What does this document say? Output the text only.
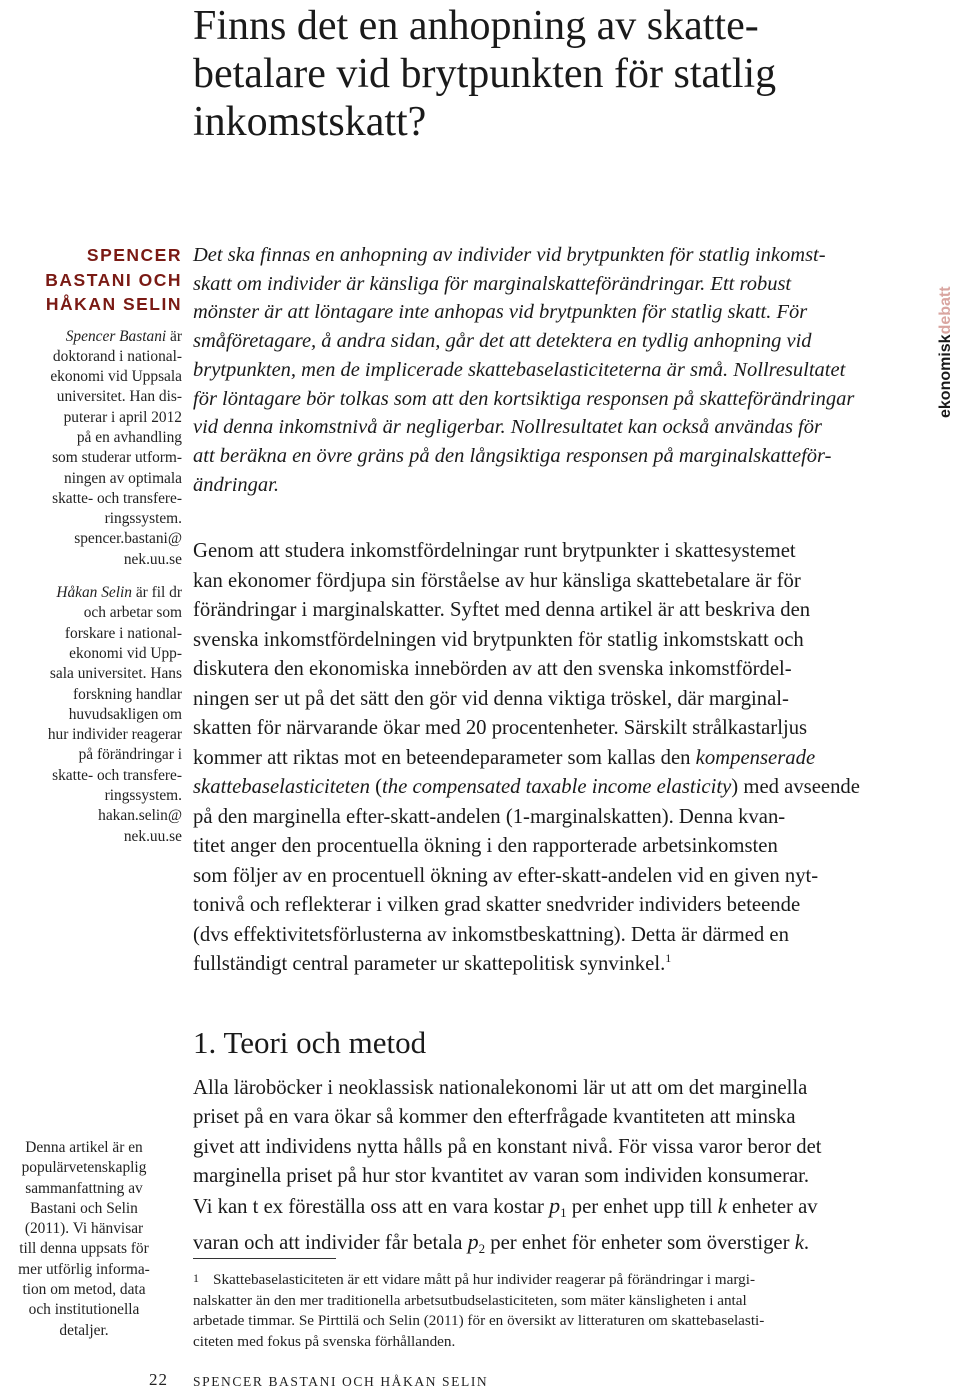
Finns det en anhopning av skatte-
betalare vid brytpunkten för statlig
inkomstskatt?
SPENCER
BASTANI OCH
HÅKAN SELIN
Spencer Bastani är
doktorand i national-
ekonomi vid Uppsala
universitet. Han dis-
puterar i april 2012
på en avhandling
som studerar utform-
ningen av optimala
skatte- och transfere-
ringssystem.
spencer.bastani@
nek.uu.se
Håkan Selin är fil dr
och arbetar som
forskare i national-
ekonomi vid Upp-
sala universitet. Hans
forskning handlar
huvudsakligen om
hur individer reagerar
på förändringar i
skatte- och transfere-
ringssystem.
hakan.selin@
nek.uu.se

Denna artikel är en
populärvetenskaplig
sammanfattning av
Bastani och Selin
(2011). Vi hänvisar
till denna uppsats för
mer utförlig informa-
tion om metod, data
och institutionella
detaljer.

Det ska finnas en anhopning av individer vid brytpunkten för statlig inkomst-
skatt om individer är känsliga för marginalskatteförändringar. Ett robust
mönster är att löntagare inte anhopas vid brytpunkten för statlig skatt. För
småföretagare, å andra sidan, går det att detektera en tydlig anhopning vid
brytpunkten, men de implicerade skattebaselasticiteterna är små. Nollresultatet
för löntagare bör tolkas som att den kortsiktiga responsen på skatteförändringar
vid denna inkomstnivå är negligerbar. Nollresultatet kan också användas för
att beräkna en övre gräns på den långsiktiga responsen på marginalskatteför-
ändringar.

Genom att studera inkomstfördelningar runt brytpunkter i skattesystemet
kan ekonomer fördjupa sin förståelse av hur känsliga skattebetalare är för
förändringar i marginalskatter. Syftet med denna artikel är att beskriva den
svenska inkomstfördelningen vid brytpunkten för statlig inkomstskatt och
diskutera den ekonomiska innebörden av att den svenska inkomstfördel-
ningen ser ut på det sätt den gör vid denna viktiga tröskel, där marginal-
skatten för närvarande ökar med 20 procentenheter. Särskilt strålkastarljus
kommer att riktas mot en beteendeparameter som kallas den kompenserade
skattebaselasticiteten (the compensated taxable income elasticity) med avseende
på den marginella efter-skatt-andelen (1-marginalskatten). Denna kvan-
titet anger den procentuella ökning i den rapporterade arbetsinkomsten
som följer av en procentuell ökning av efter-skatt-andelen vid en given nyt-
tonivå och reflekterar i vilken grad skatter snedvrider individers beteende
(dvs effektivitetsförlusterna av inkomstbeskattning). Detta är därmed en
fullständigt central parameter ur skattepolitisk synvinkel.$^1$

1. Teori och metod

Alla läroböcker i neoklassisk nationalekonomi lär ut att om det marginella
priset på en vara ökar så kommer den efterfrågade kvantiteten att minska
givet att individens nytta hålls på en konstant nivå. För vissa varor beror det
marginella priset på hur stor kvantitet av varan som individen konsumerar.
Vi kan t ex föreställa oss att en vara kostar $p_1$ per enhet upp till k enheter av
varan och att individer får betala $p_2$ per enhet för enheter som överstiger k.

1 Skattebaselasticiteten är ett vidare mått på hur individer reagerar på förändringar i margi-
nalskatter än den mer traditionella arbetsutbudselasticiteten, som mäter känsligheten i antal
arbetade timmar. Se Pirttilä och Selin (2011) för en översikt av litteraturen om skattebaselasti-
citeten med fokus på svenska förhållanden.
22 SPENCER BASTANI OCH HÅKAN SELIN
ekonomiskdebatt
